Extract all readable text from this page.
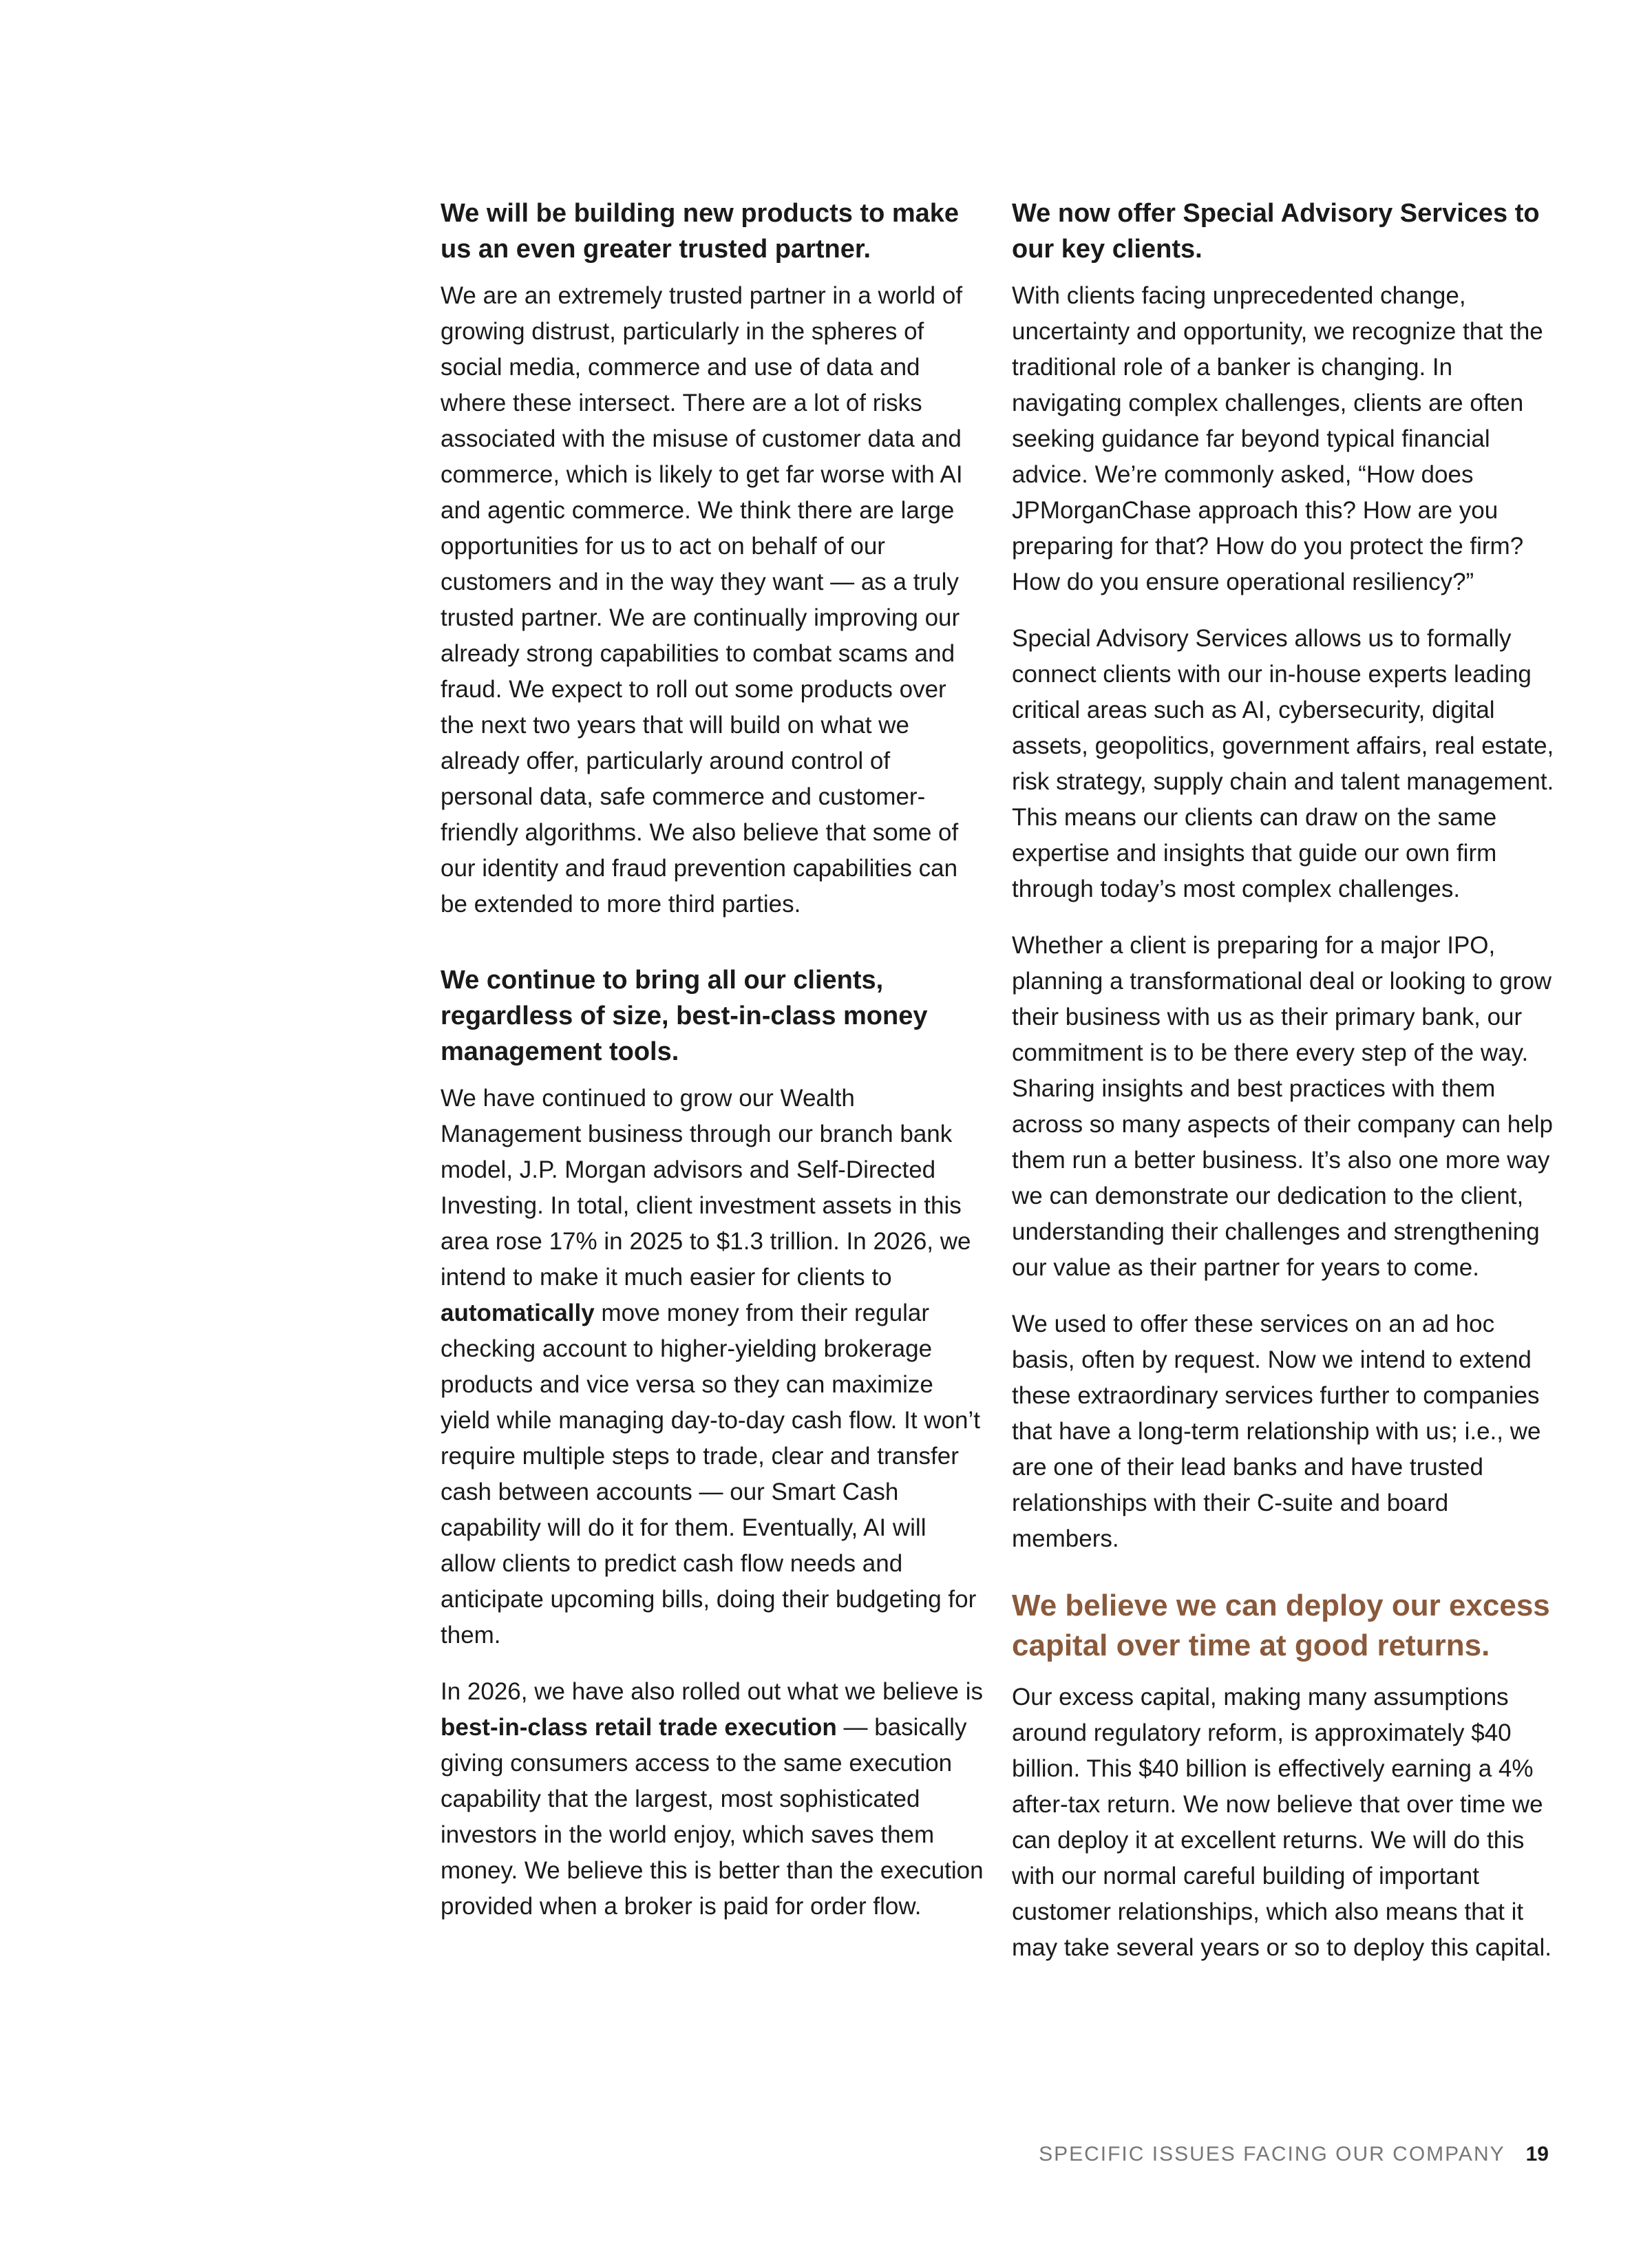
We will be building new products to make us an even greater trusted partner.

We are an extremely trusted partner in a world of growing distrust, particularly in the spheres of social media, commerce and use of data and where these intersect. There are a lot of risks associated with the misuse of customer data and commerce, which is likely to get far worse with AI and agentic commerce. We think there are large opportunities for us to act on behalf of our customers and in the way they want — as a truly trusted partner. We are continually improving our already strong capabilities to combat scams and fraud. We expect to roll out some products over the next two years that will build on what we already offer, particularly around control of personal data, safe commerce and customer-friendly algorithms. We also believe that some of our identity and fraud prevention capabilities can be extended to more third parties.

We continue to bring all our clients, regardless of size, best-in-class money management tools.

We have continued to grow our Wealth Management business through our branch bank model, J.P. Morgan advisors and Self-Directed Investing. In total, client investment assets in this area rose 17% in 2025 to $1.3 trillion. In 2026, we intend to make it much easier for clients to automatically move money from their regular checking account to higher-yielding brokerage products and vice versa so they can maximize yield while managing day-to-day cash flow. It won’t require multiple steps to trade, clear and transfer cash between accounts — our Smart Cash capability will do it for them. Eventually, AI will allow clients to predict cash flow needs and anticipate upcoming bills, doing their budgeting for them.

In 2026, we have also rolled out what we believe is best-in-class retail trade execution — basically giving consumers access to the same execution capability that the largest, most sophisticated investors in the world enjoy, which saves them money. We believe this is better than the execution provided when a broker is paid for order flow.

We now offer Special Advisory Services to our key clients.

With clients facing unprecedented change, uncertainty and opportunity, we recognize that the traditional role of a banker is changing. In navigating complex challenges, clients are often seeking guidance far beyond typical financial advice. We’re commonly asked, “How does JPMorganChase approach this? How are you preparing for that? How do you protect the firm? How do you ensure operational resiliency?”

Special Advisory Services allows us to formally connect clients with our in-house experts leading critical areas such as AI, cybersecurity, digital assets, geopolitics, government affairs, real estate, risk strategy, supply chain and talent management. This means our clients can draw on the same expertise and insights that guide our own firm through today’s most complex challenges.

Whether a client is preparing for a major IPO, planning a transformational deal or looking to grow their business with us as their primary bank, our commitment is to be there every step of the way. Sharing insights and best practices with them across so many aspects of their company can help them run a better business. It’s also one more way we can demonstrate our dedication to the client, understanding their challenges and strengthening our value as their partner for years to come.

We used to offer these services on an ad hoc basis, often by request. Now we intend to extend these extraordinary services further to companies that have a long-term relationship with us; i.e., we are one of their lead banks and have trusted relationships with their C-suite and board members.

We believe we can deploy our excess capital over time at good returns.

Our excess capital, making many assumptions around regulatory reform, is approximately $40 billion. This $40 billion is effectively earning a 4% after-tax return. We now believe that over time we can deploy it at excellent returns. We will do this with our normal careful building of important customer relationships, which also means that it may take several years or so to deploy this capital.

SPECIFIC ISSUES FACING OUR COMPANY 19
